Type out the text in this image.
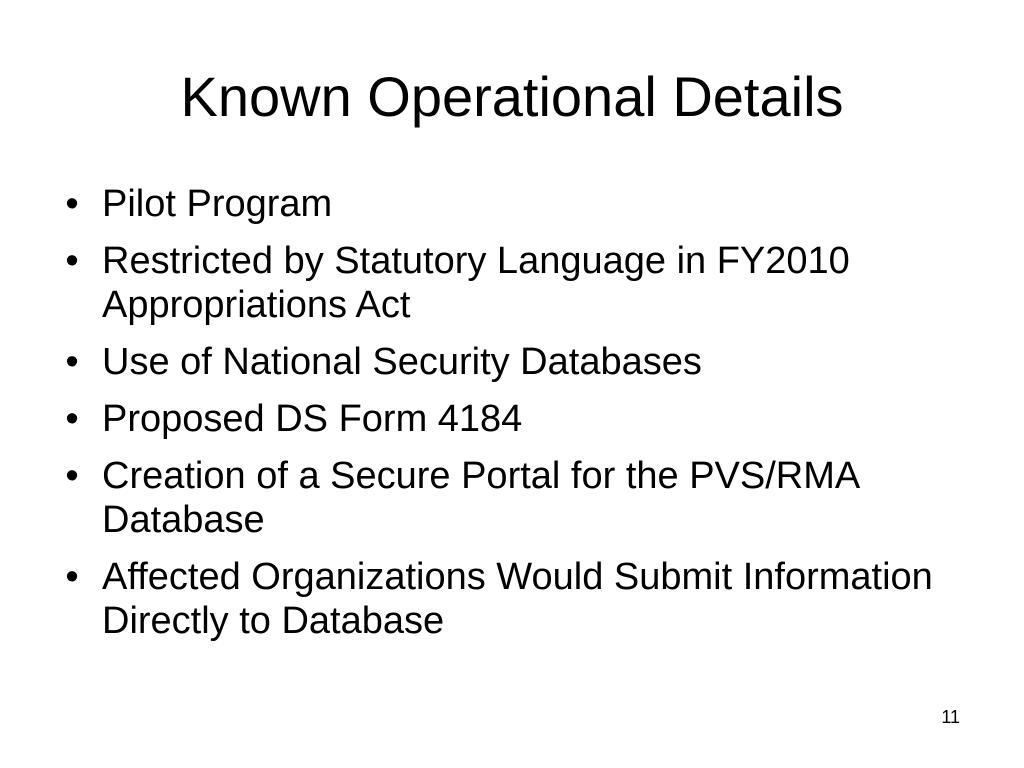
Known Operational Details
• Pilot Program
• Restricted by Statutory Language in FY2010 Appropriations Act
• Use of National Security Databases
• Proposed DS Form 4184
• Creation of a Secure Portal for the PVS/RMA Database
• Affected Organizations Would Submit Information Directly to Database
11
